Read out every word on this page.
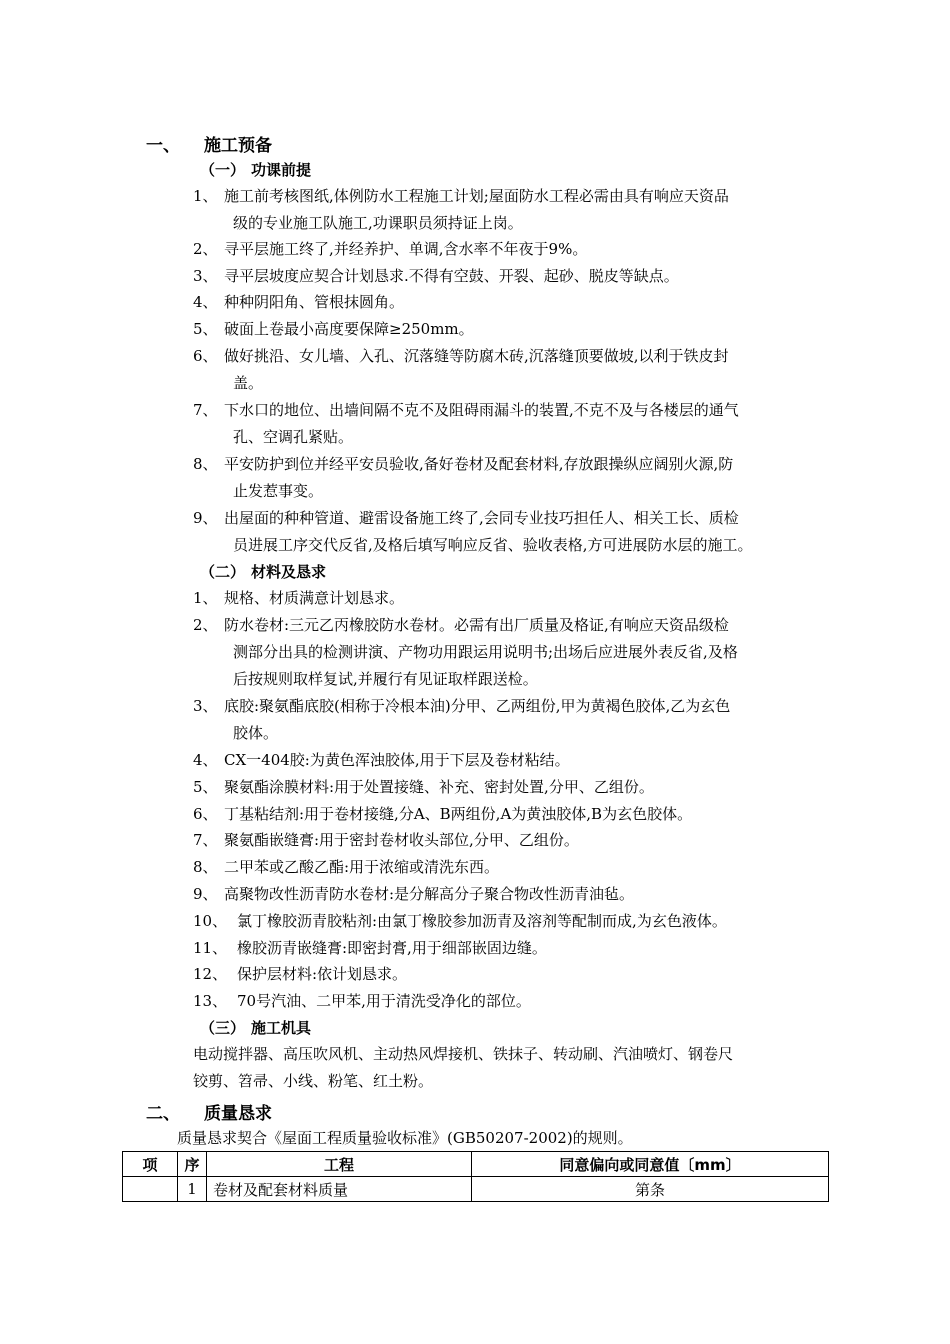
一、 施工预备
（一） 功课前提
1、 施工前考核图纸,体例防水工程施工计划;屋面防水工程必需由具有响应天资品
级的专业施工队施工,功课职员须持证上岗。
2、 寻平层施工终了,并经养护、单调,含水率不年夜于9%。
3、 寻平层坡度应契合计划恳求.不得有空鼓、开裂、起砂、脱皮等缺点。
4、 种种阴阳角、管根抹圆角。
5、 破面上卷最小高度要保障≥250mm。
6、 做好挑沿、女儿墙、入孔、沉落缝等防腐木砖,沉落缝顶要做坡,以利于铁皮封
盖。
7、 下水口的地位、出墙间隔不克不及阻碍雨漏斗的装置,不克不及与各楼层的通气
孔、空调孔紧贴。
8、 平安防护到位并经平安员验收,备好卷材及配套材料,存放跟操纵应阔别火源,防
止发惹事变。
9、 出屋面的种种管道、避雷设备施工终了,会同专业技巧担任人、相关工长、质检
员进展工序交代反省,及格后填写响应反省、验收表格,方可进展防水层的施工。
（二） 材料及恳求
1、 规格、材质满意计划恳求。
2、 防水卷材:三元乙丙橡胶防水卷材。必需有出厂质量及格证,有响应天资品级检
测部分出具的检测讲演、产物功用跟运用说明书;出场后应进展外表反省,及格
后按规则取样复试,并履行有见证取样跟送检。
3、 底胶:聚氨酯底胶(相称于冷根本油)分甲、乙两组份,甲为黄褐色胶体,乙为玄色
胶体。
4、 CX一404胶:为黄色浑浊胶体,用于下层及卷材粘结。
5、 聚氨酯涂膜材料:用于处置接缝、补充、密封处置,分甲、乙组份。
6、 丁基粘结剂:用于卷材接缝,分A、B两组份,A为黄浊胶体,B为玄色胶体。
7、 聚氨酯嵌缝膏:用于密封卷材收头部位,分甲、乙组份。
8、 二甲苯或乙酸乙酯:用于浓缩或清洗东西。
9、 高聚物改性沥青防水卷材:是分解高分子聚合物改性沥青油毡。
10、 氯丁橡胶沥青胶粘剂:由氯丁橡胶参加沥青及溶剂等配制而成,为玄色液体。
11、 橡胶沥青嵌缝膏:即密封膏,用于细部嵌固边缝。
12、 保护层材料:依计划恳求。
13、 70号汽油、二甲苯,用于清洗受净化的部位。
（三） 施工机具
电动搅拌器、高压吹风机、主动热风焊接机、铁抹子、转动刷、汽油喷灯、钢卷尺
铰剪、笤帚、小线、粉笔、红土粉。
二、 质量恳求
质量恳求契合《屋面工程质量验收标准》(GB50207-2002)的规则。
项	序	工程	同意偏向或同意值〔mm〕
	1	卷材及配套材料质量	第条
